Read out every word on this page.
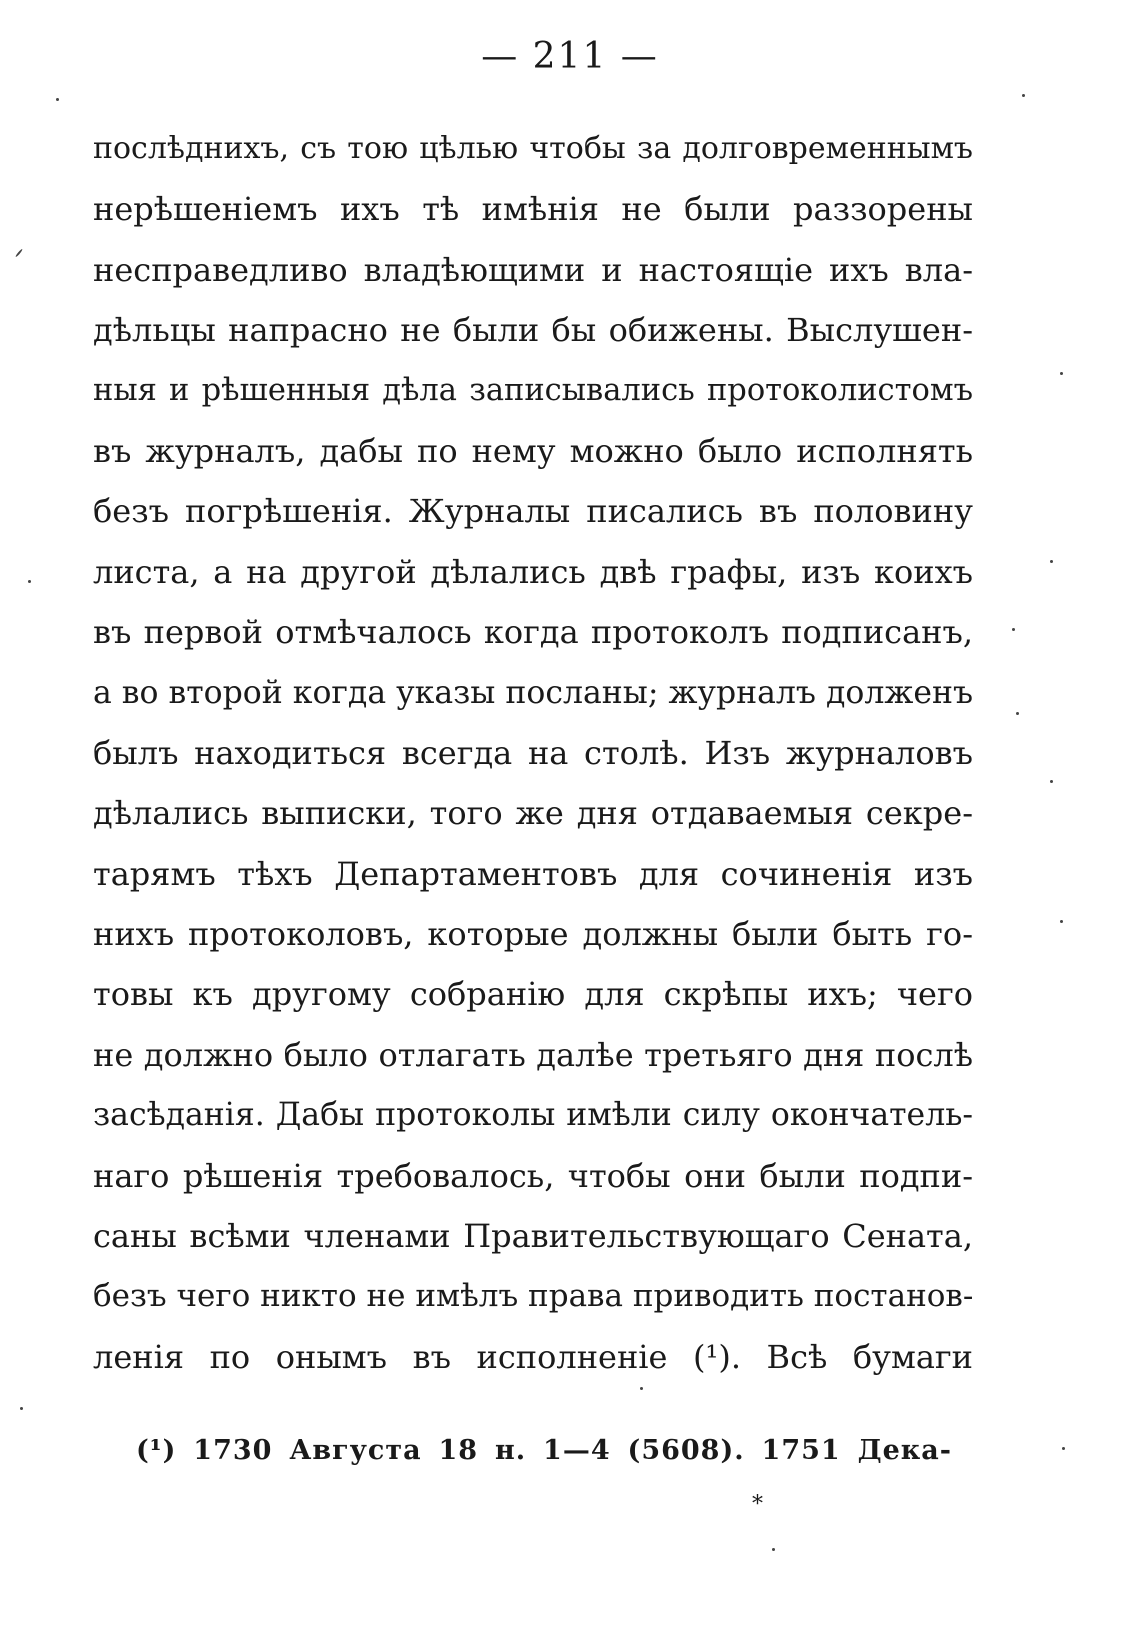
— 211 —
послѣднихъ, съ тою цѣлью чтобы за долговременнымъ
нерѣшеніемъ ихъ тѣ имѣнія не были раззорены
несправедливо владѣющими и настоящіе ихъ вла-
дѣльцы напрасно не были бы обижены. Выслушен-
ныя и рѣшенныя дѣла записывались протоколистомъ
въ журналъ, дабы по нему можно было исполнять
безъ погрѣшенія. Журналы писались въ половину
листа, а на другой дѣлались двѣ графы, изъ коихъ
въ первой отмѣчалось когда протоколъ подписанъ,
а во второй когда указы посланы; журналъ долженъ
былъ находиться всегда на столѣ. Изъ журналовъ
дѣлались выписки, того же дня отдаваемыя секре-
тарямъ тѣхъ Департаментовъ для сочиненія изъ
нихъ протоколовъ, которые должны были быть го-
товы къ другому собранію для скрѣпы ихъ; чего
не должно было отлагать далѣе третьяго дня послѣ
засѣданія. Дабы протоколы имѣли силу окончатель-
наго рѣшенія требовалось, чтобы они были подпи-
саны всѣми членами Правительствующаго Сената,
безъ чего никто не имѣлъ права приводить постанов-
ленія по онымъ въ исполненіе (¹). Всѣ бумаги
(¹) 1730 Августа 18 н. 1—4 (5608). 1751 Дека-
*
